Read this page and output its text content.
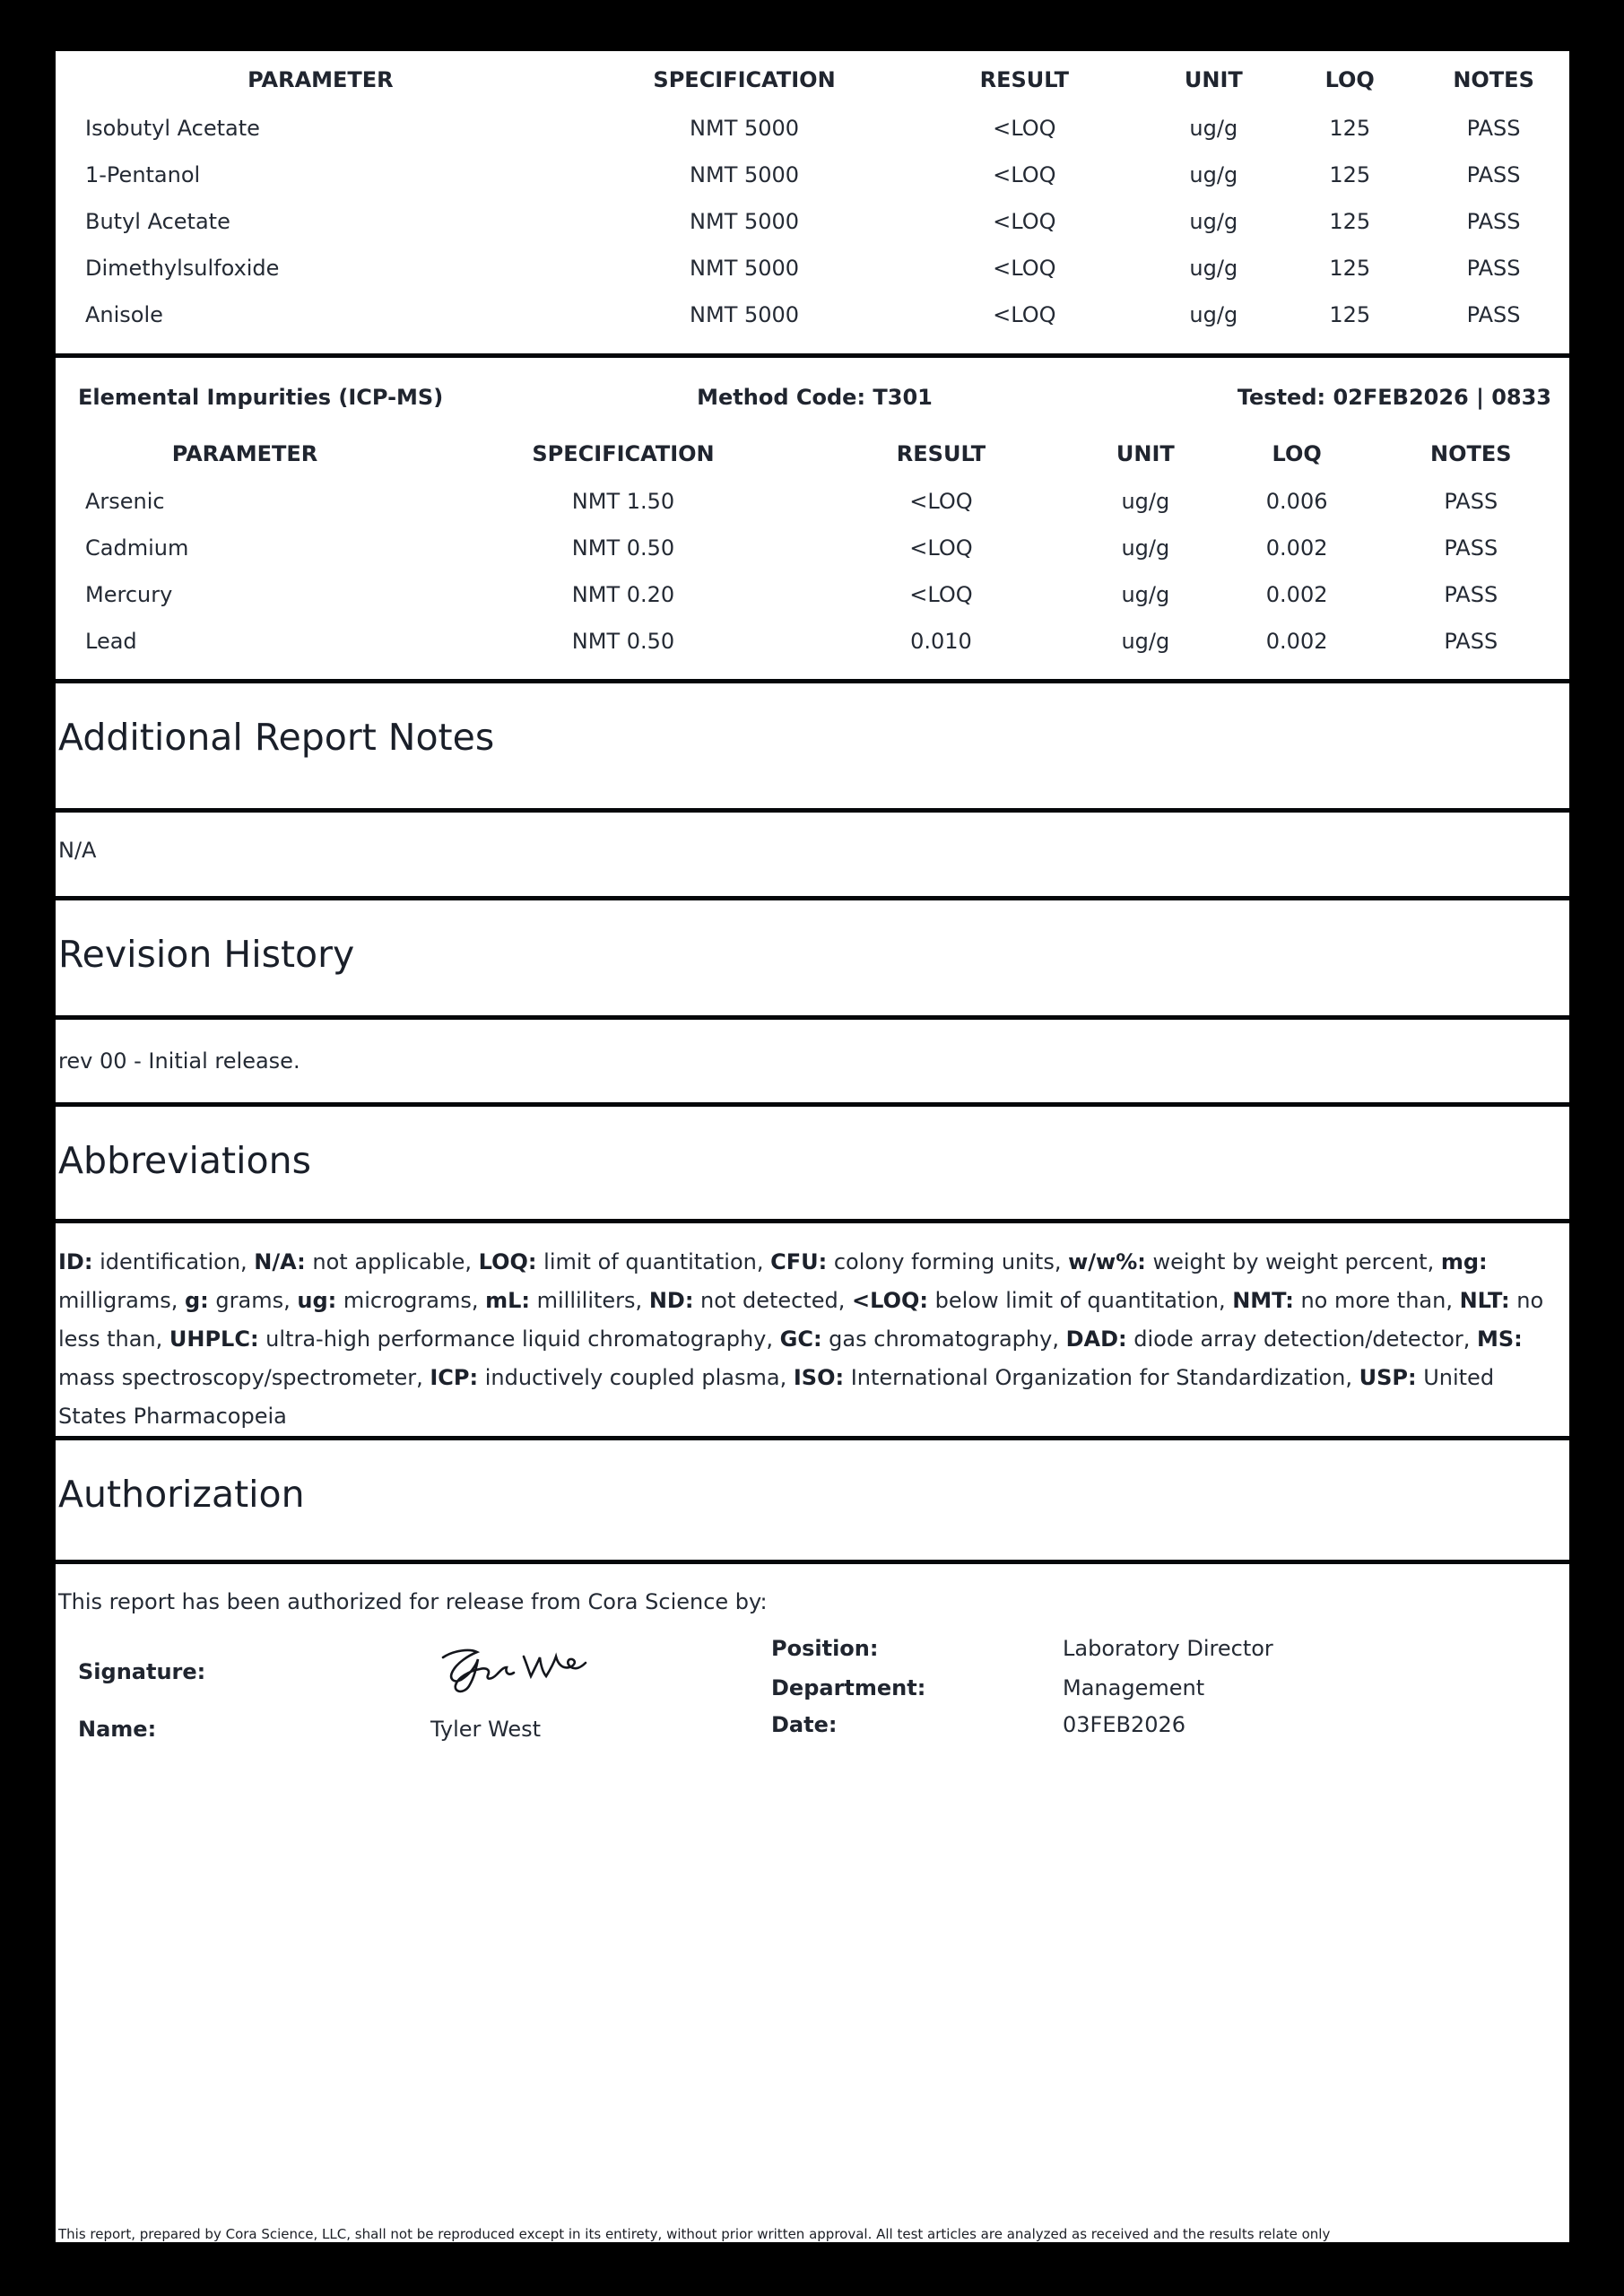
PARAMETER	SPECIFICATION	RESULT	UNIT	LOQ	NOTES
Isobutyl Acetate	NMT 5000	<LOQ	ug/g	125	PASS
1-Pentanol	NMT 5000	<LOQ	ug/g	125	PASS
Butyl Acetate	NMT 5000	<LOQ	ug/g	125	PASS
Dimethylsulfoxide	NMT 5000	<LOQ	ug/g	125	PASS
Anisole	NMT 5000	<LOQ	ug/g	125	PASS
Elemental Impurities (ICP-MS)	Method Code: T301	Tested: 02FEB2026 | 0833
PARAMETER	SPECIFICATION	RESULT	UNIT	LOQ	NOTES
Arsenic	NMT 1.50	<LOQ	ug/g	0.006	PASS
Cadmium	NMT 0.50	<LOQ	ug/g	0.002	PASS
Mercury	NMT 0.20	<LOQ	ug/g	0.002	PASS
Lead	NMT 0.50	0.010	ug/g	0.002	PASS
Additional Report Notes
N/A
Revision History
rev 00 - Initial release.
Abbreviations
ID: identification, N/A: not applicable, LOQ: limit of quantitation, CFU: colony forming units, w/w%: weight by weight percent, mg: milligrams, g: grams, ug: micrograms, mL: milliliters, ND: not detected, <LOQ: below limit of quantitation, NMT: no more than, NLT: no less than, UHPLC: ultra-high performance liquid chromatography, GC: gas chromatography, DAD: diode array detection/detector, MS: mass spectroscopy/spectrometer, ICP: inductively coupled plasma, ISO: International Organization for Standardization, USP: United States Pharmacopeia
Authorization
This report has been authorized for release from Cora Science by:
Signature:
Name:	Tyler West
Position:	Laboratory Director
Department:	Management
Date:	03FEB2026
This report, prepared by Cora Science, LLC, shall not be reproduced except in its entirety, without prior written approval. All test articles are analyzed as received and the results relate only
